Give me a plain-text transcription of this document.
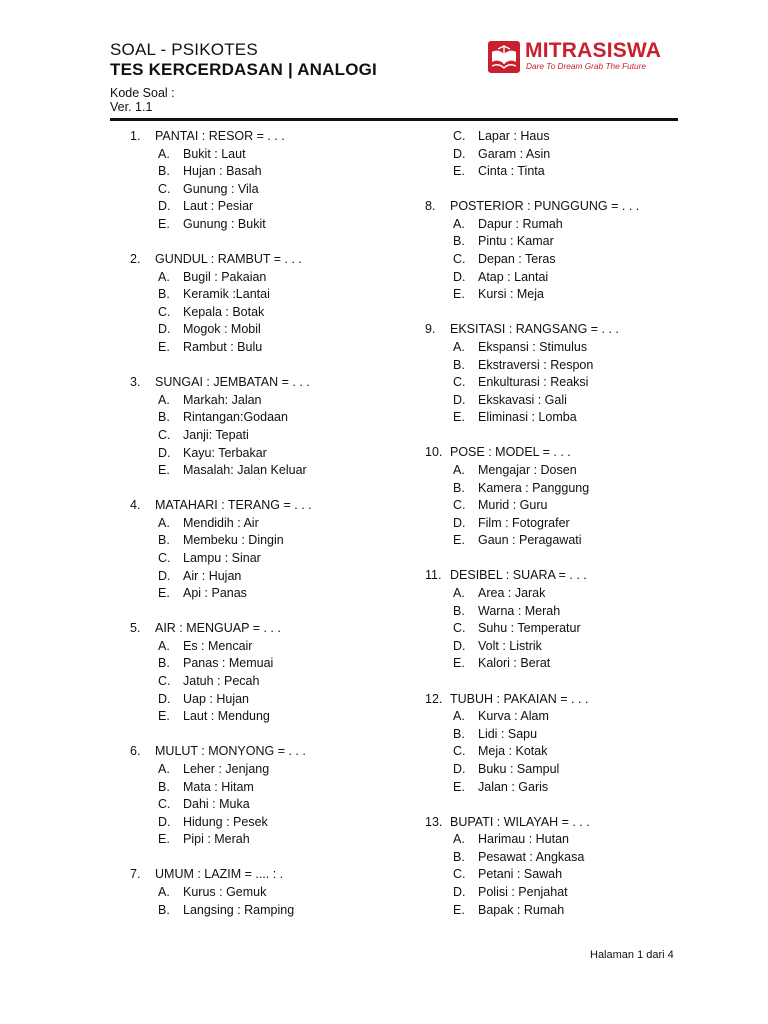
SOAL - PSIKOTES
TES KERCERDASAN | ANALOGI
Kode Soal :
Ver. 1.1
MITRASISWA
Dare To Dream Grab The Future
1. PANTAI : RESOR = . . .
A. Bukit : Laut
B. Hujan : Basah
C. Gunung : Vila
D. Laut : Pesiar
E. Gunung : Bukit
2. GUNDUL : RAMBUT = . . .
A. Bugil : Pakaian
B. Keramik :Lantai
C. Kepala : Botak
D. Mogok : Mobil
E. Rambut : Bulu
3. SUNGAI : JEMBATAN = . . .
A. Markah: Jalan
B. Rintangan:Godaan
C. Janji: Tepati
D. Kayu: Terbakar
E. Masalah: Jalan Keluar
4. MATAHARI : TERANG = . . .
A. Mendidih : Air
B. Membeku : Dingin
C. Lampu : Sinar
D. Air : Hujan
E. Api : Panas
5. AIR : MENGUAP = . . .
A. Es : Mencair
B. Panas : Memuai
C. Jatuh : Pecah
D. Uap : Hujan
E. Laut : Mendung
6. MULUT : MONYONG = . . .
A. Leher : Jenjang
B. Mata : Hitam
C. Dahi : Muka
D. Hidung : Pesek
E. Pipi : Merah
7. UMUM : LAZIM = .... : .
A. Kurus : Gemuk
B. Langsing : Ramping
C. Lapar : Haus
D. Garam : Asin
E. Cinta : Tinta
8. POSTERIOR : PUNGGUNG = . . .
A. Dapur : Rumah
B. Pintu : Kamar
C. Depan : Teras
D. Atap : Lantai
E. Kursi : Meja
9. EKSITASI : RANGSANG = . . .
A. Ekspansi : Stimulus
B. Ekstraversi : Respon
C. Enkulturasi : Reaksi
D. Ekskavasi : Gali
E. Eliminasi : Lomba
10. POSE : MODEL = . . .
A. Mengajar : Dosen
B. Kamera : Panggung
C. Murid : Guru
D. Film : Fotografer
E. Gaun : Peragawati
11. DESIBEL : SUARA = . . .
A. Area : Jarak
B. Warna : Merah
C. Suhu : Temperatur
D. Volt : Listrik
E. Kalori : Berat
12. TUBUH : PAKAIAN = . . .
A. Kurva : Alam
B. Lidi : Sapu
C. Meja : Kotak
D. Buku : Sampul
E. Jalan : Garis
13. BUPATI : WILAYAH = . . .
A. Harimau : Hutan
B. Pesawat : Angkasa
C. Petani : Sawah
D. Polisi : Penjahat
E. Bapak : Rumah
Halaman 1 dari 4
